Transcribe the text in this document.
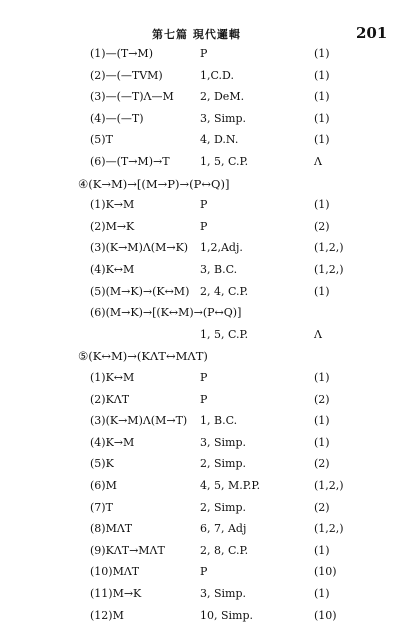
第七篇 現代邏輯	201
(1)—(T→M)	P	(1)
(2)—(—TVM)	1,C.D.	(1)
(3)—(—T)Λ—M 2, DeM.	(1)
(4)—(—T)	3, Simp.	(1)
(5)T	4, D.N.	(1)
(6)—(T→M)→T	1, 5, C.P.	Λ
④(K→M)→[(M→P)→(P↔Q)]
(1)K→M	P	(1)
(2)M→K	P	(2)
(3)(K→M)Λ(M→K) 1,2,Adj.	(1,2,)
(4)K↔M	3, B.C.	(1,2,)
(5)(M→K)→(K↔M) 2, 4, C.P.	(1)
(6)(M→K)→[(K↔M)→(P↔Q)]
1, 5, C.P.	Λ
⑤(K↔M)→(KΛT↔MΛT)
(1)K↔M	P	(1)
(2)KΛT	P	(2)
(3)(K→M)Λ(M→T) 1, B.C.	(1)
(4)K→M	3, Simp.	(1)
(5)K	2, Simp.	(2)
(6)M	4, 5, M.P.P.	(1,2,)
(7)T	2, Simp.	(2)
(8)MΛT	6, 7, Adj	(1,2,)
(9)KΛT→MΛT	2, 8, C.P.	(1)
(10)MΛT	P	(10)
(11)M→K	3, Simp.	(1)
(12)M	10, Simp.	(10)
